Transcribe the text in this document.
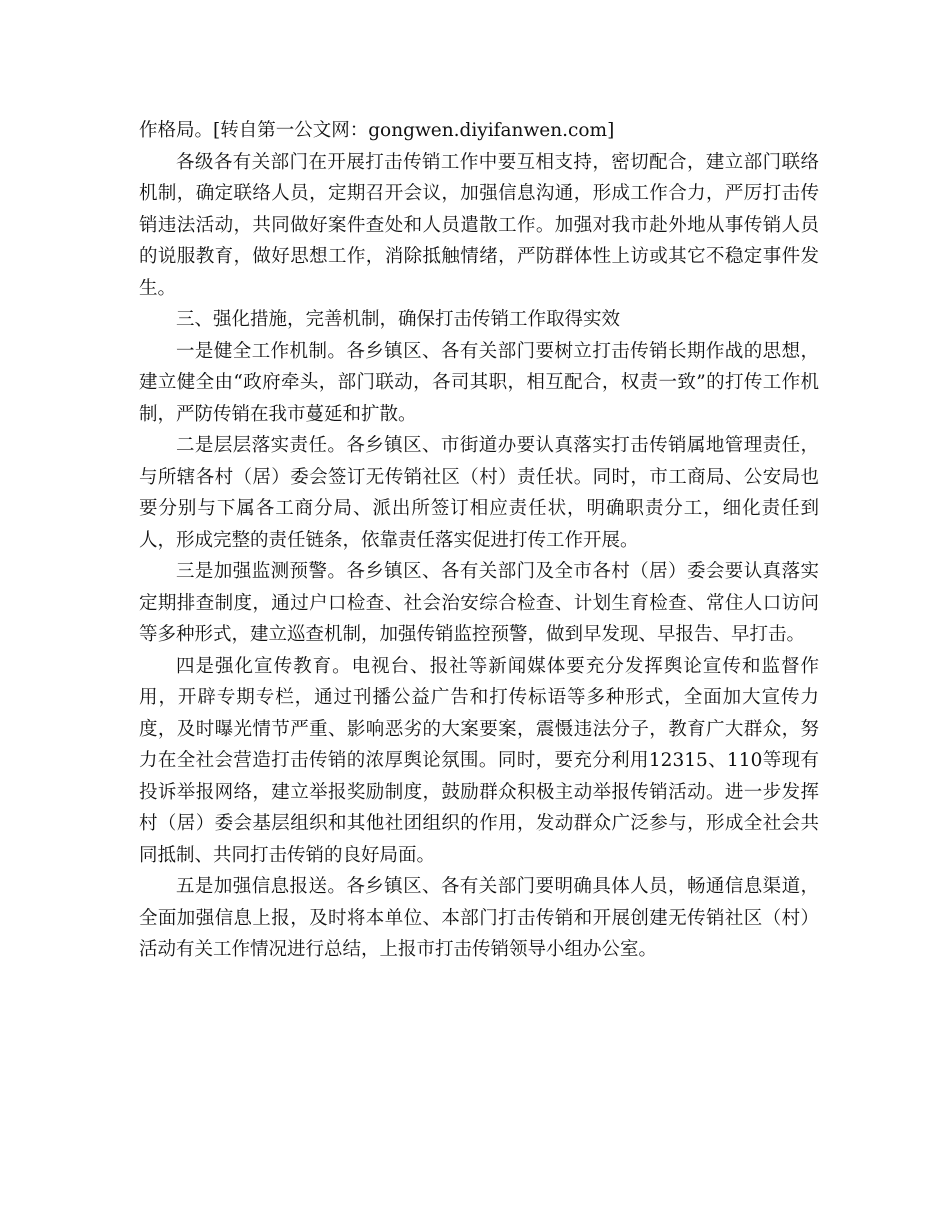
作格局。[转自第一公文网：gongwen.diyifanwen.com]

各级各有关部门在开展打击传销工作中要互相支持，密切配合，建立部门联络机制，确定联络人员，定期召开会议，加强信息沟通，形成工作合力，严厉打击传销违法活动，共同做好案件查处和人员遣散工作。加强对我市赴外地从事传销人员的说服教育，做好思想工作，消除抵触情绪，严防群体性上访或其它不稳定事件发生。

三、强化措施，完善机制，确保打击传销工作取得实效

一是健全工作机制。各乡镇区、各有关部门要树立打击传销长期作战的思想，建立健全由“政府牵头，部门联动，各司其职，相互配合，权责一致”的打传工作机制，严防传销在我市蔓延和扩散。

二是层层落实责任。各乡镇区、市街道办要认真落实打击传销属地管理责任，与所辖各村（居）委会签订无传销社区（村）责任状。同时，市工商局、公安局也要分别与下属各工商分局、派出所签订相应责任状，明确职责分工，细化责任到人，形成完整的责任链条，依靠责任落实促进打传工作开展。

三是加强监测预警。各乡镇区、各有关部门及全市各村（居）委会要认真落实定期排查制度，通过户口检查、社会治安综合检查、计划生育检查、常住人口访问等多种形式，建立巡查机制，加强传销监控预警，做到早发现、早报告、早打击。

四是强化宣传教育。电视台、报社等新闻媒体要充分发挥舆论宣传和监督作用，开辟专期专栏，通过刊播公益广告和打传标语等多种形式，全面加大宣传力度，及时曝光情节严重、影响恶劣的大案要案，震慑违法分子，教育广大群众，努力在全社会营造打击传销的浓厚舆论氛围。同时，要充分利用12315、110等现有投诉举报网络，建立举报奖励制度，鼓励群众积极主动举报传销活动。进一步发挥村（居）委会基层组织和其他社团组织的作用，发动群众广泛参与，形成全社会共同抵制、共同打击传销的良好局面。

五是加强信息报送。各乡镇区、各有关部门要明确具体人员，畅通信息渠道，全面加强信息上报，及时将本单位、本部门打击传销和开展创建无传销社区（村）活动有关工作情况进行总结，上报市打击传销领导小组办公室。
